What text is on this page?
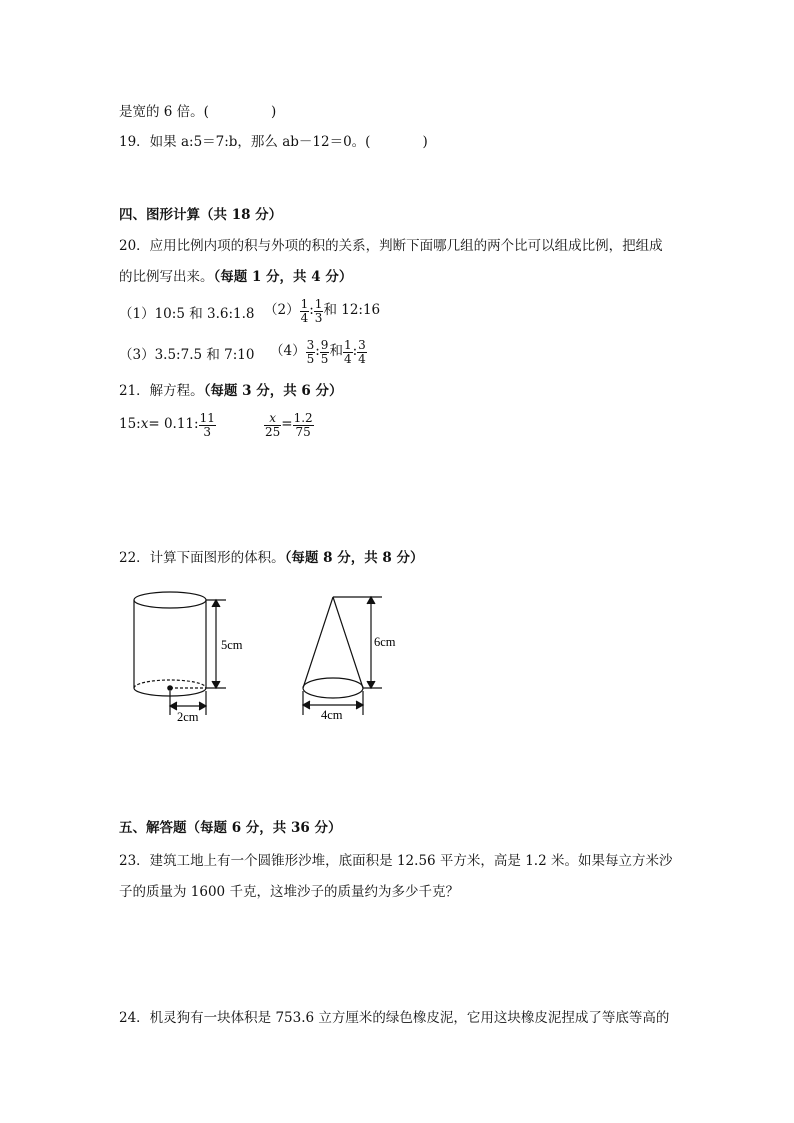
是宽的 6 倍。(	)
19．如果 a:5＝7:b，那么 ab－12＝0。(	)
四、图形计算（共 18 分）
20．应用比例内项的积与外项的积的关系，判断下面哪几组的两个比可以组成比例，把组成
的比例写出来。（每题 1 分，共 4 分）
（1）10:5 和 3.6:1.8 $(2) \frac{1}{4}$ : $\frac{1}{3}$ 和 12:16
（3）3.5:7.5 和 7:10 $(4) \frac{3}{5}$ : $\frac{9}{5}$ 和 $\frac{1}{4}$ : $\frac{3}{4}$
21．解方程。（每题 3 分，共 6 分）
15: x = 0.11: $\frac{11}{3}$	$\frac{x}{25} = \frac{1.2}{75}$
22．计算下面图形的体积。（每题 8 分，共 8 分）
5cm
2cm
6cm
4cm
五、解答题（每题 6 分，共 36 分）
23．建筑工地上有一个圆锥形沙堆，底面积是 12.56 平方米，高是 1.2 米。如果每立方米沙
子的质量为 1600 千克，这堆沙子的质量约为多少千克？
24．机灵狗有一块体积是 753.6 立方厘米的绿色橡皮泥，它用这块橡皮泥捏成了等底等高的
